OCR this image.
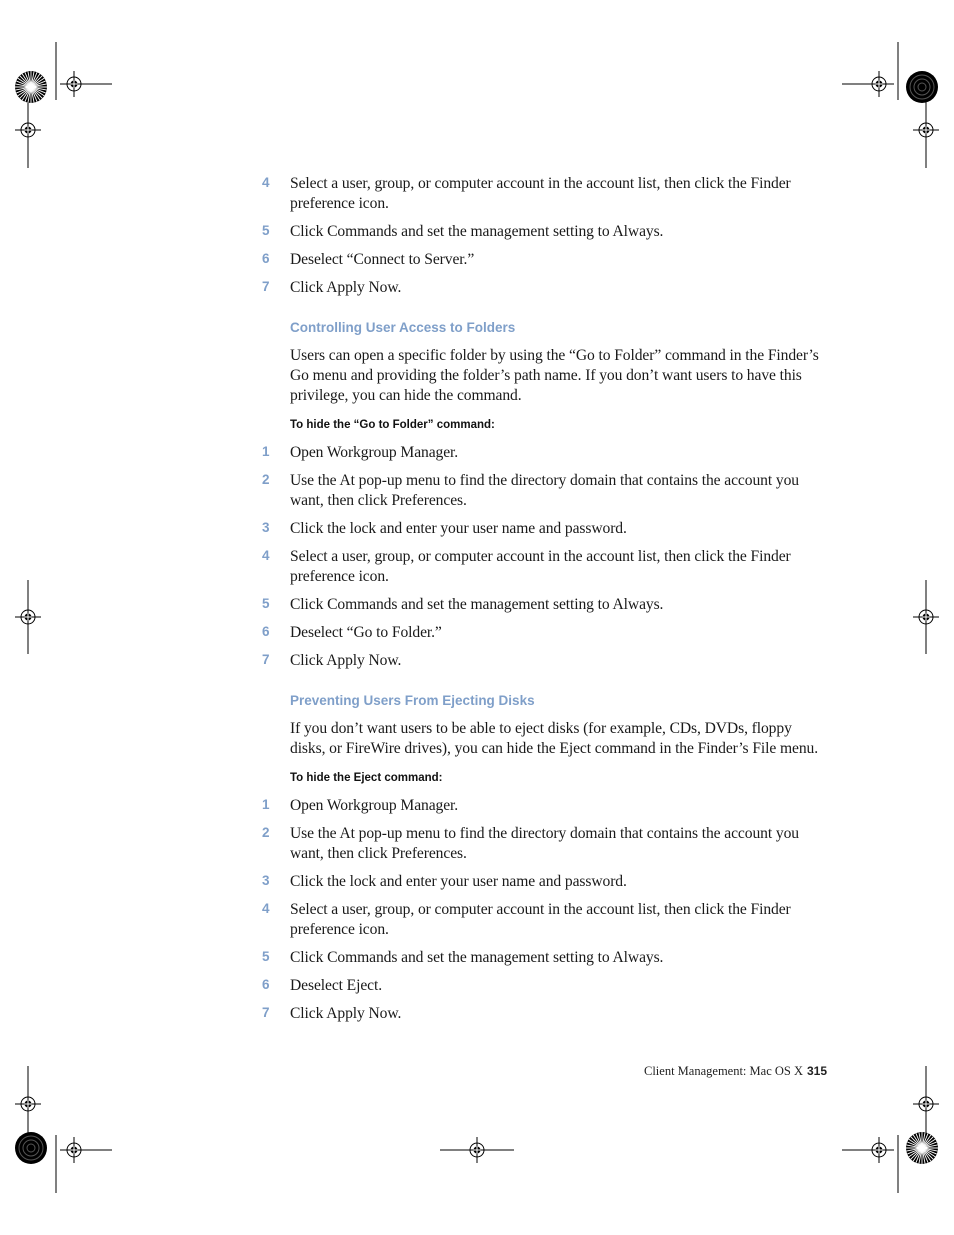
4 Select a user, group, or computer account in the account list, then click the Finder preference icon.
5 Click Commands and set the management setting to Always.
6 Deselect “Connect to Server.”
7 Click Apply Now.
Controlling User Access to Folders
Users can open a specific folder by using the “Go to Folder” command in the Finder’s Go menu and providing the folder’s path name. If you don’t want users to have this privilege, you can hide the command.
To hide the “Go to Folder” command:
1 Open Workgroup Manager.
2 Use the At pop-up menu to find the directory domain that contains the account you want, then click Preferences.
3 Click the lock and enter your user name and password.
4 Select a user, group, or computer account in the account list, then click the Finder preference icon.
5 Click Commands and set the management setting to Always.
6 Deselect “Go to Folder.”
7 Click Apply Now.
Preventing Users From Ejecting Disks
If you don’t want users to be able to eject disks (for example, CDs, DVDs, floppy disks, or FireWire drives), you can hide the Eject command in the Finder’s File menu.
To hide the Eject command:
1 Open Workgroup Manager.
2 Use the At pop-up menu to find the directory domain that contains the account you want, then click Preferences.
3 Click the lock and enter your user name and password.
4 Select a user, group, or computer account in the account list, then click the Finder preference icon.
5 Click Commands and set the management setting to Always.
6 Deselect Eject.
7 Click Apply Now.
Client Management: Mac OS X 315
